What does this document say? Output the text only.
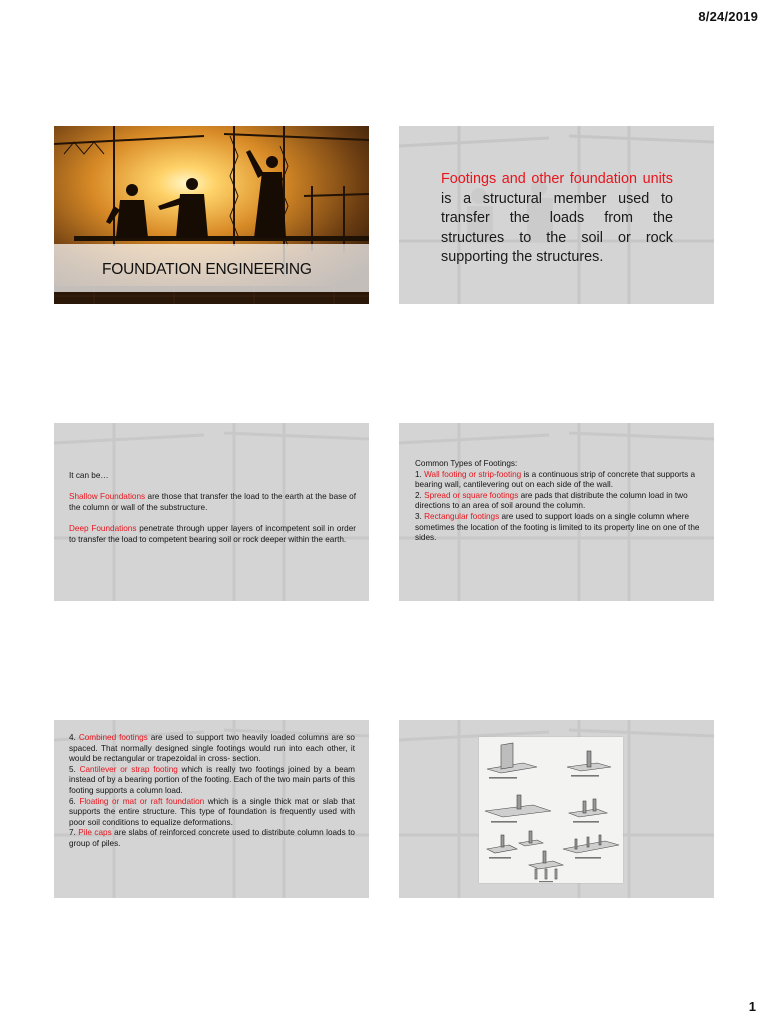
8/24/2019
FOUNDATION ENGINEERING
Footings and other foundation units is a structural member used to transfer the loads from the structures to the soil or rock supporting the structures.
It can be…
Shallow Foundations are those that transfer the load to the earth at the base of the column or wall of the substructure.
Deep Foundations penetrate through upper layers of incompetent soil in order to transfer the load to competent bearing soil or rock deeper within the earth.
Common Types of Footings:
1. Wall footing or strip-footing is a continuous strip of concrete that supports a bearing wall, cantilevering out on each side of the wall.
2. Spread or square footings are pads that distribute the column load in two directions to an area of soil around the column.
3. Rectangular footings are used to support loads on a single column where sometimes the location of the footing is limited to its property line on one of the sides.
4. Combined footings are used to support two heavily loaded columns are so spaced. That normally designed single footings would run into each other, it would be rectangular or trapezoidal in cross- section.
5. Cantilever or strap footing which is really two footings joined by a beam instead of by a bearing portion of the footing. Each of the two main parts of this footing supports a column load.
6. Floating or mat or raft foundation which is a single thick mat or slab that supports the entire structure. This type of foundation is frequently used with poor soil conditions to equalize deformations.
7. Pile caps are slabs of reinforced concrete used to distribute column loads to group of piles.
1
